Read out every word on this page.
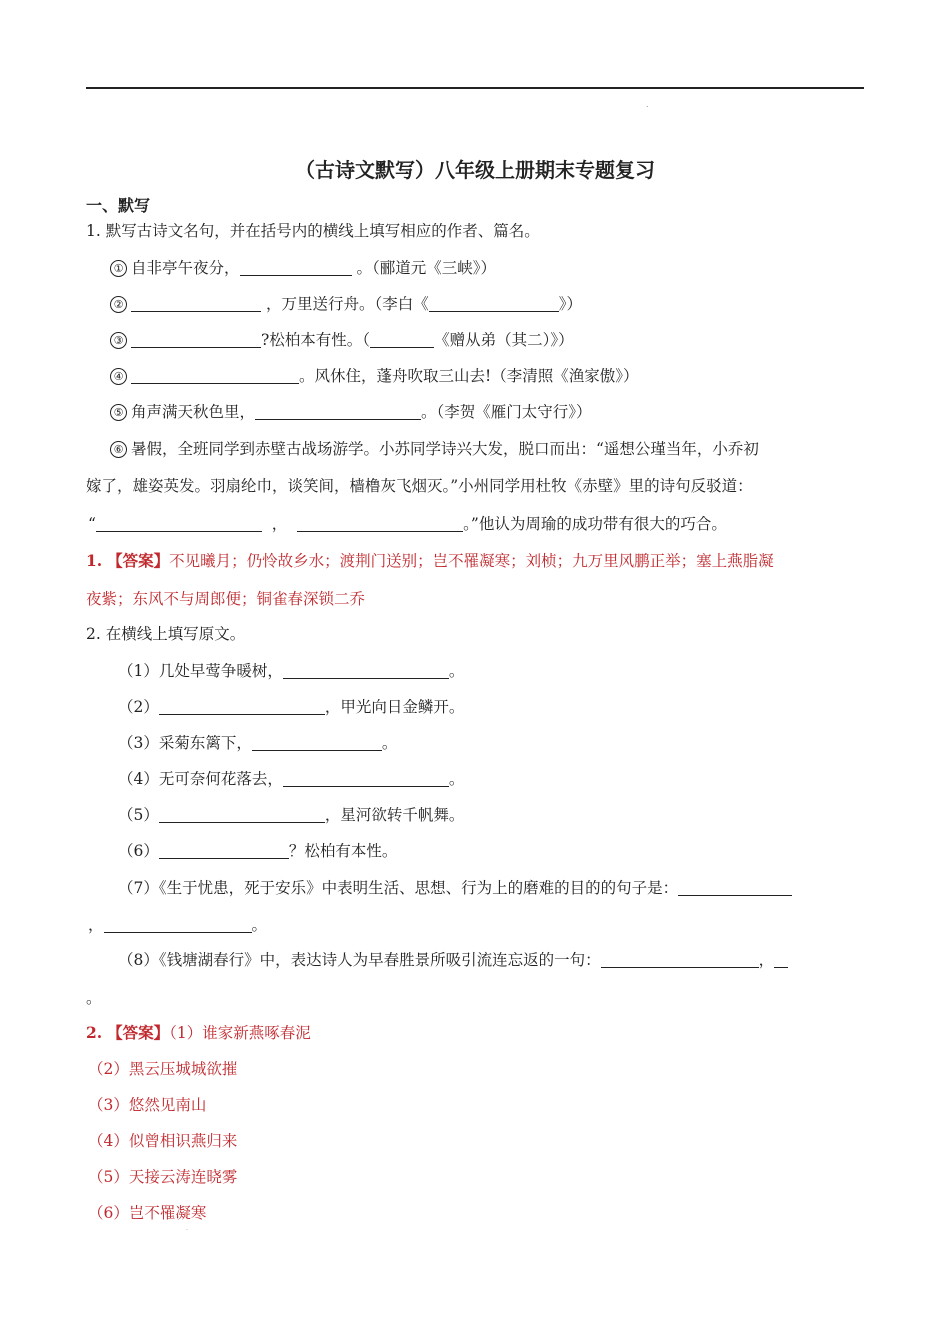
.
（古诗文默写）八年级上册期末专题复习
一、默写
1. 默写古诗文名句，并在括号内的横线上填写相应的作者、篇名。
① 自非亭午夜分，	。（郦道元《三峡》）
②	，万里送行舟。（李白《	》）
③	?松柏本有性。（	《赠从弟（其二）》）
④	。风休住，蓬舟吹取三山去!（李清照《渔家傲》）
⑤ 角声满天秋色里，	。（李贺《雁门太守行》）
⑥ 暑假，全班同学到赤壁古战场游学。小苏同学诗兴大发，脱口而出：“遥想公瑾当年，小乔初
嫁了，雄姿英发。羽扇纶巾，谈笑间，樯橹灰飞烟灭。”小州同学用杜牧《赤壁》里的诗句反驳道：
“	，	。”他认为周瑜的成功带有很大的巧合。
1. 【答案】不见曦月；仍怜故乡水；渡荆门送别；岂不罹凝寒；刘桢；九万里风鹏正举；塞上燕脂凝
夜紫；东风不与周郎便；铜雀春深锁二乔
2. 在横线上填写原文。
（1）几处早莺争暖树，	。
（2）	，甲光向日金鳞开。
（3）采菊东篱下，	。
（4）无可奈何花落去，	。
（5）	，星河欲转千帆舞。
（6）	？松柏有本性。
（7）《生于忧患，死于安乐》中表明生活、思想、行为上的磨难的目的的句子是：
，	。
（8）《钱塘湖春行》中，表达诗人为早春胜景所吸引流连忘返的一句：	，
。
2. 【答案】（1）谁家新燕啄春泥
（2）黑云压城城欲摧
（3）悠然见南山
（4）似曾相识燕归来
（5）天接云涛连晓雾
（6）岂不罹凝寒
.
